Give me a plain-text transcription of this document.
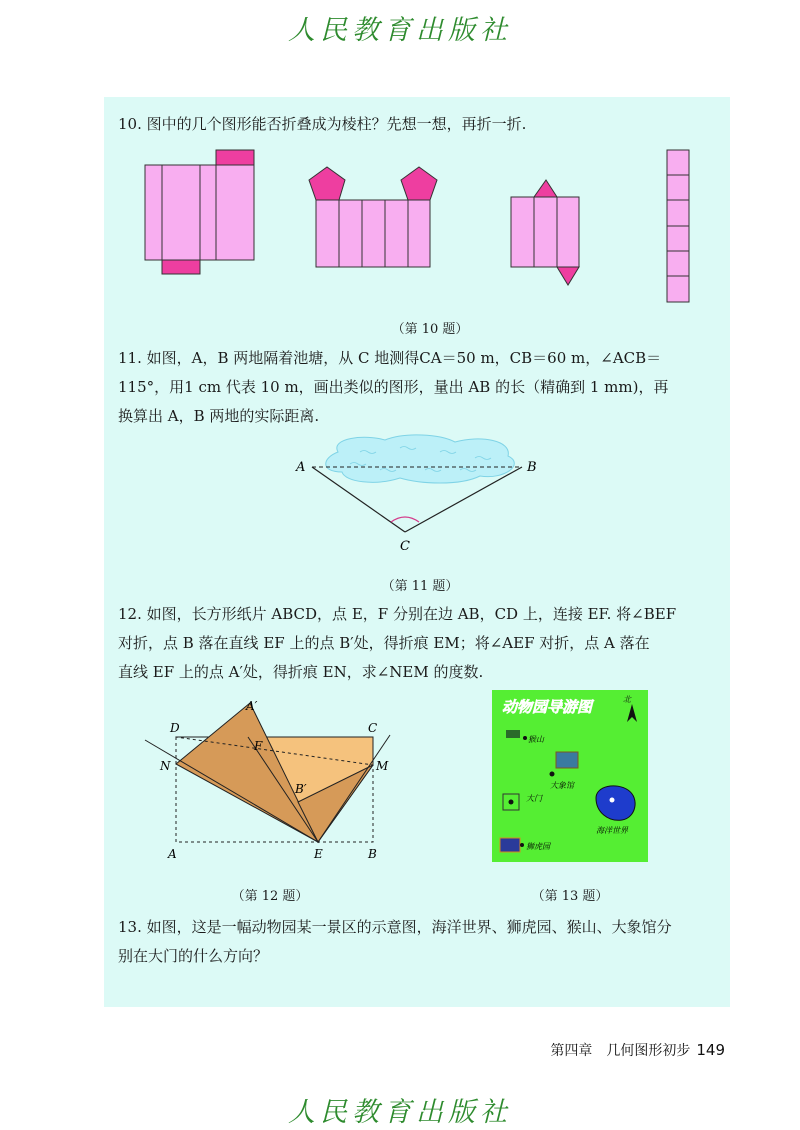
人民教育出版社

10. 图中的几个图形能否折叠成为棱柱？先想一想，再折一折.

（第 10 题）

11. 如图，A，B 两地隔着池塘，从 C 地测得CA＝50 m，CB＝60 m，∠ACB＝
115°，用1 cm 代表 10 m，画出类似的图形，量出 AB 的长（精确到 1 mm)，再
换算出 A，B 两地的实际距离.

A	B
C
（第 11 题）

12. 如图，长方形纸片 ABCD，点 E，F 分别在边 AB，CD 上，连接 EF. 将∠BEF
对折，点 B 落在直线 EF 上的点 B′处，得折痕 EM；将∠AEF 对折，点 A 落在
直线 EF 上的点 A′处，得折痕 EN，求∠NEM 的度数.

D	C
A′
F
N	M
B′
A	E	B
（第 12 题）
动物园导游图	北
猴山
大象馆
大门
海洋世界
狮虎园
（第 13 题）

13. 如图，这是一幅动物园某一景区的示意图，海洋世界、狮虎园、猴山、大象馆分
别在大门的什么方向？

第四章　几何图形初步 149
人民教育出版社
